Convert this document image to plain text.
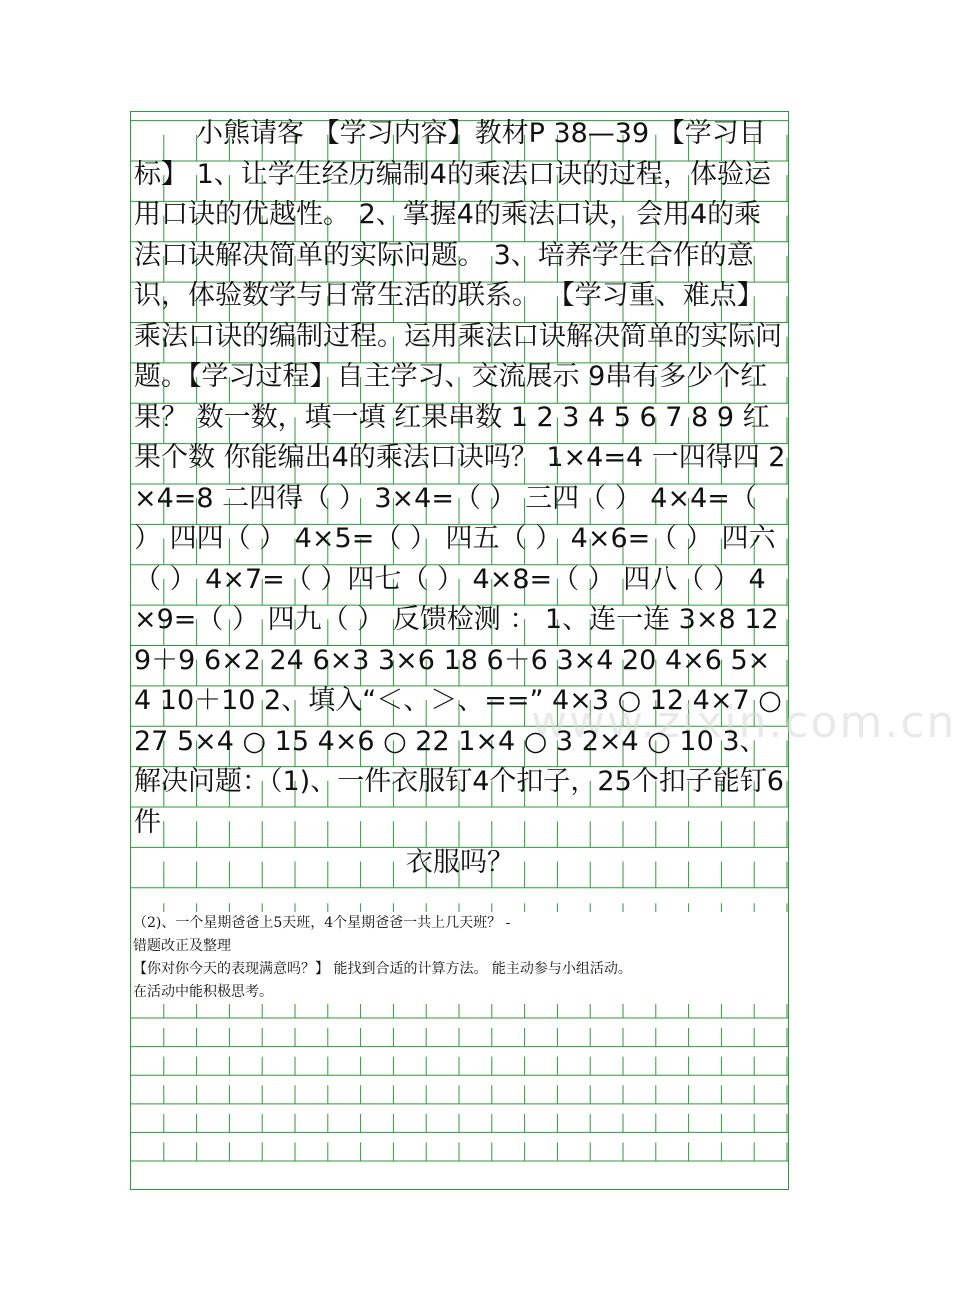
www.zixin.com.cn

小熊请客 【学习内容】教材P 38—39 【学习目标】 1、让学生经历编制4的乘法口诀的过程，体验运用口诀的优越性。 2、掌握4的乘法口诀，会用4的乘法口诀解决简单的实际问题。 3、培养学生合作的意识，体验数学与日常生活的联系。 【学习重、难点】 乘法口诀的编制过程。运用乘法口诀解决简单的实际问题。【学习过程】自主学习、交流展示 9串有多少个红果？ 数一数，填一填 红果串数 1 2 3 4 5 6 7 8 9 红果个数 你能编出4的乘法口诀吗？ 1×4=4 一四得四 2×4=8 二四得（ ） 3×4=（ ） 三四（ ） 4×4=（ ） 四四（ ） 4×5=（ ） 四五（ ） 4×6=（ ） 四六（ ） 4×7=（ ）四七（ ） 4×8=（ ） 四八（ ） 4×9=（ ） 四九（ ） 反馈检测 ： 1、连一连 3×8 12 9＋9 6×2 24 6×3 3×6 18 6＋6 3×4 20 4×6 5×4 10＋10 2、填入“＜、＞、==” 4×3 ○ 12 4×7 ○ 27 5×4 ○ 15 4×6 ○ 22 1×4 ○ 3 2×4 ○ 10 3、解决问题：（1)、一件衣服钉4个扣子，25个扣子能钉6件
衣服吗？

（2)、一个星期爸爸上5天班，4个星期爸爸一共上几天班？ -

错题改正及整理

【你对你今天的表现满意吗？】 能找到合适的计算方法。 能主动参与小组活动。

在活动中能积极思考。
